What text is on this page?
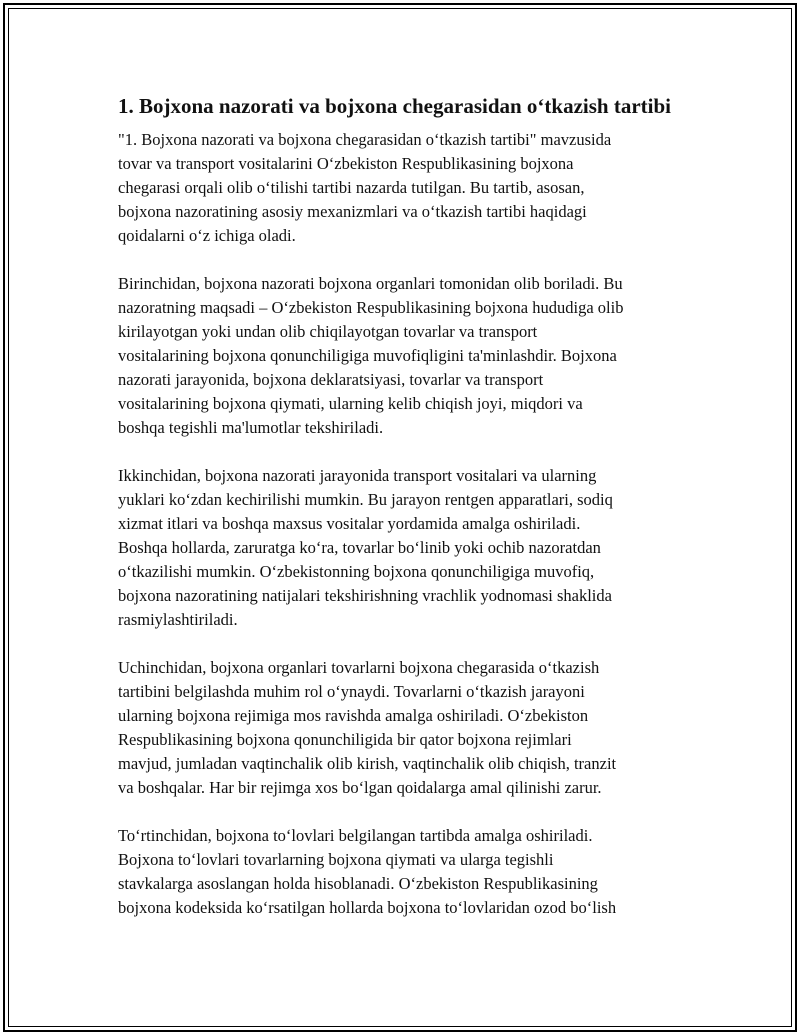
1. Bojxona nazorati va bojxona chegarasidan o‘tkazish tartibi

"1. Bojxona nazorati va bojxona chegarasidan o‘tkazish tartibi" mavzusida
tovar va transport vositalarini O‘zbekiston Respublikasining bojxona
chegarasi orqali olib o‘tilishi tartibi nazarda tutilgan. Bu tartib, asosan,
bojxona nazoratining asosiy mexanizmlari va o‘tkazish tartibi haqidagi
qoidalarni o‘z ichiga oladi.

Birinchidan, bojxona nazorati bojxona organlari tomonidan olib boriladi. Bu
nazoratning maqsadi – O‘zbekiston Respublikasining bojxona hududiga olib
kirilayotgan yoki undan olib chiqilayotgan tovarlar va transport
vositalarining bojxona qonunchiligiga muvofiqligini ta'minlashdir. Bojxona
nazorati jarayonida, bojxona deklaratsiyasi, tovarlar va transport
vositalarining bojxona qiymati, ularning kelib chiqish joyi, miqdori va
boshqa tegishli ma'lumotlar tekshiriladi.

Ikkinchidan, bojxona nazorati jarayonida transport vositalari va ularning
yuklari ko‘zdan kechirilishi mumkin. Bu jarayon rentgen apparatlari, sodiq
xizmat itlari va boshqa maxsus vositalar yordamida amalga oshiriladi.
Boshqa hollarda, zaruratga ko‘ra, tovarlar bo‘linib yoki ochib nazoratdan
o‘tkazilishi mumkin. O‘zbekistonning bojxona qonunchiligiga muvofiq,
bojxona nazoratining natijalari tekshirishning vrachlik yodnomasi shaklida
rasmiylashtiriladi.

Uchinchidan, bojxona organlari tovarlarni bojxona chegarasida o‘tkazish
tartibini belgilashda muhim rol o‘ynaydi. Tovarlarni o‘tkazish jarayoni
ularning bojxona rejimiga mos ravishda amalga oshiriladi. O‘zbekiston
Respublikasining bojxona qonunchiligida bir qator bojxona rejimlari
mavjud, jumladan vaqtinchalik olib kirish, vaqtinchalik olib chiqish, tranzit
va boshqalar. Har bir rejimga xos bo‘lgan qoidalarga amal qilinishi zarur.

To‘rtinchidan, bojxona to‘lovlari belgilangan tartibda amalga oshiriladi.
Bojxona to‘lovlari tovarlarning bojxona qiymati va ularga tegishli
stavkalarga asoslangan holda hisoblanadi. O‘zbekiston Respublikasining
bojxona kodeksida ko‘rsatilgan hollarda bojxona to‘lovlaridan ozod bo‘lish
